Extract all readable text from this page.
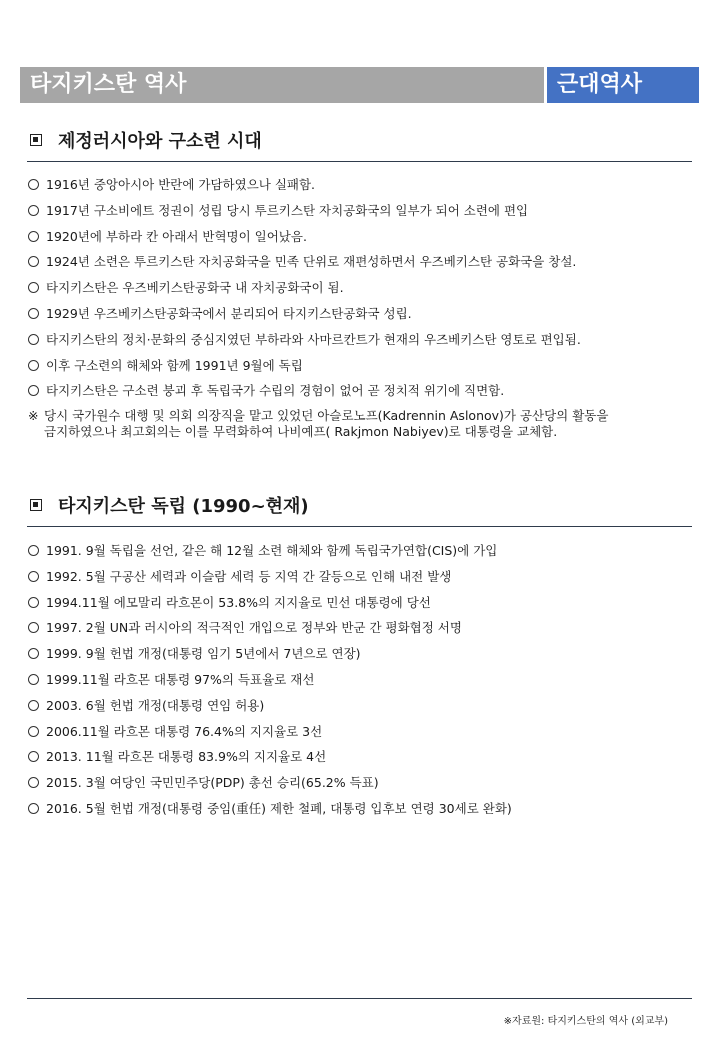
타지키스탄 역사	근대역사
제정러시아와 구소련 시대
1916년 중앙아시아 반란에 가담하였으나 실패함.
1917년 구소비에트 정권이 성립 당시 투르키스탄 자치공화국의 일부가 되어 소련에 편입
1920년에 부하라 칸 아래서 반혁명이 일어났음.
1924년 소련은 투르키스탄 자치공화국을 민족 단위로 재편성하면서 우즈베키스탄 공화국을 창설.
타지키스탄은 우즈베키스탄공화국 내 자치공화국이 됨.
1929년 우즈베키스탄공화국에서 분리되어 타지키스탄공화국 성립.
타지키스탄의 정치·문화의 중심지였던 부하라와 사마르칸트가 현재의 우즈베키스탄 영토로 편입됨.
이후 구소련의 해체와 함께 1991년 9월에 독립
타지키스탄은 구소련 붕괴 후 독립국가 수립의 경험이 없어 곧 정치적 위기에 직면함.
※ 당시 국가원수 대행 및 의회 의장직을 맡고 있었던 아슬로노프(Kadrennin Aslonov)가 공산당의 활동을
금지하였으나 최고회의는 이를 무력화하여 나비예프( Rakjmon Nabiyev)로 대통령을 교체함.
타지키스탄 독립 (1990~현재)
1991. 9월 독립을 선언, 같은 해 12월 소련 해체와 함께 독립국가연합(CIS)에 가입
1992. 5월 구공산 세력과 이슬람 세력 등 지역 간 갈등으로 인해 내전 발생
1994.11월 에모말리 라흐몬이 53.8%의 지지율로 민선 대통령에 당선
1997. 2월 UN과 러시아의 적극적인 개입으로 정부와 반군 간 평화협정 서명
1999. 9월 헌법 개정(대통령 임기 5년에서 7년으로 연장)
1999.11월 라흐몬 대통령 97%의 득표율로 재선
2003. 6월 헌법 개정(대통령 연임 허용)
2006.11월 라흐몬 대통령 76.4%의 지지율로 3선
2013. 11월 라흐몬 대통령 83.9%의 지지율로 4선
2015. 3월 여당인 국민민주당(PDP) 총선 승리(65.2% 득표)
2016. 5월 헌법 개정(대통령 중임(重任) 제한 철폐, 대통령 입후보 연령 30세로 완화)
※자료원: 타지키스탄의 역사 (외교부)
